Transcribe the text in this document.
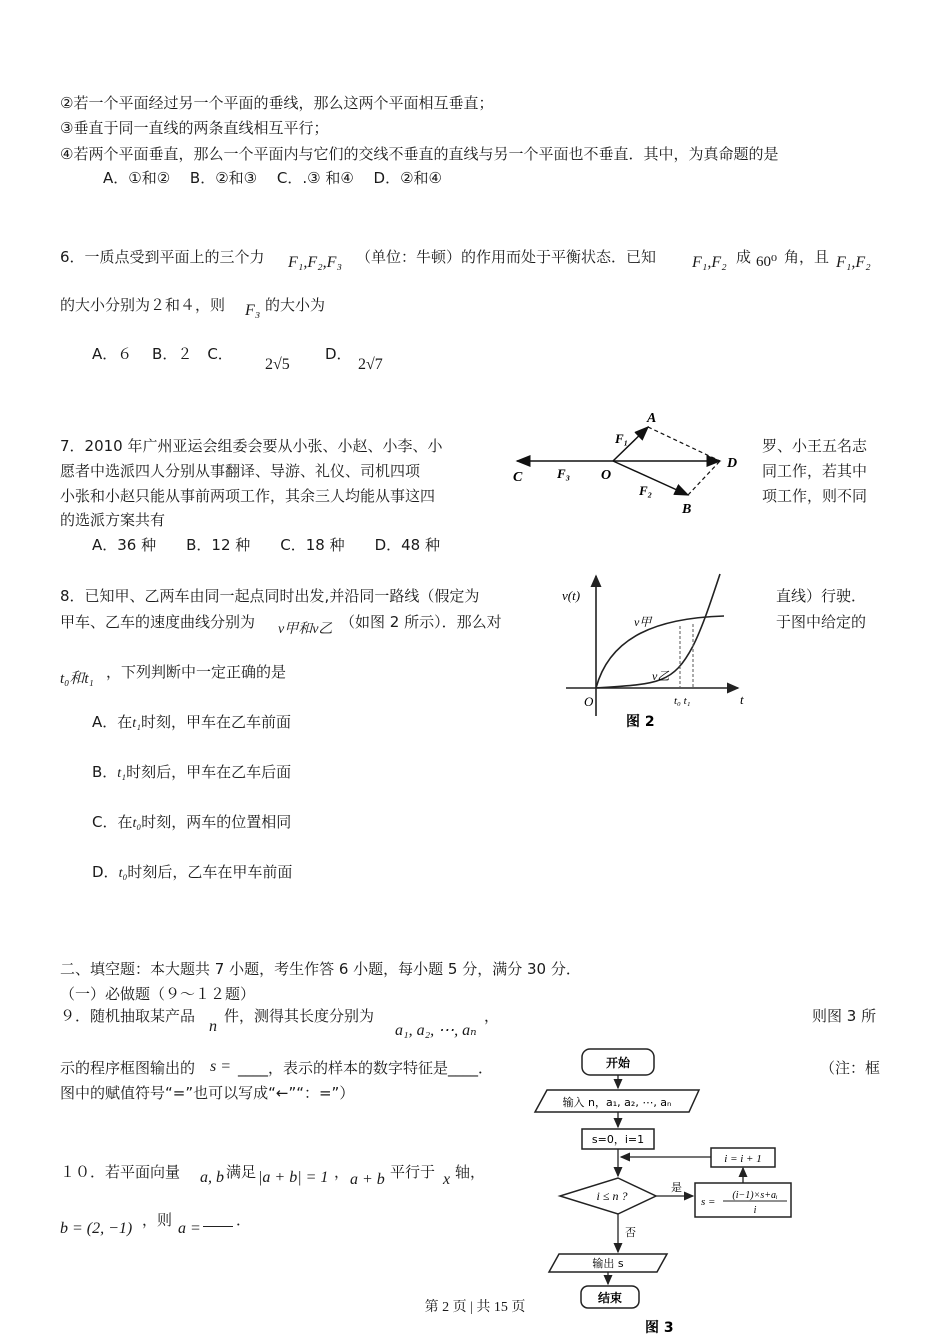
②若一个平面经过另一个平面的垂线，那么这两个平面相互垂直；
③垂直于同一直线的两条直线相互平行；
④若两个平面垂直，那么一个平面内与它们的交线不垂直的直线与另一个平面也不垂直．其中，为真命题的是
A．①和②　 B．②和③　 C．.③ 和④　 D．②和④
6．一质点受到平面上的三个力 F₁,F₂,F₃ （单位：牛顿）的作用而处于平衡状态．已知 F₁,F₂ 成 60⁰ 角，且 F₁,F₂
的大小分别为２和４，则 F₃ 的大小为
A．６　 B．２　C．
2√5
D．
2√7
7．2010 年广州亚运会组委会要从小张、小赵、小李、小	罗、小王五名志
愿者中选派四人分别从事翻译、导游、礼仪、司机四项	同工作，若其中
小张和小赵只能从事前两项工作，其余三人均能从事这四	项工作，则不同
的选派方案共有
A．36 种　　B．12 种　　C．18 种　　D．48 种
A
B
C
D
O
F₁
F₂
F₃
8．已知甲、乙两车由同一起点同时出发,并沿同一路线（假定为	直线）行驶．
甲车、乙车的速度曲线分别为 v甲和v乙 （如图 2 所示）．那么对	于图中给定的
t₀和t₁ ，下列判断中一定正确的是
A．在t₁时刻，甲车在乙车前面
B．t₁时刻后，甲车在乙车后面
C．在t₀时刻，两车的位置相同
D．t₀时刻后，乙车在甲车前面
v(t)
t
O
v甲
v乙
t₀ t₁
图 2
二、填空题：本大题共 7 小题，考生作答 6 小题，每小题 5 分，满分 30 分．
（一）必做题（９～１２题）
９．随机抽取某产品
n
件，测得其长度分别为
a₁, a₂, ⋯, aₙ
，	则图 3 所
示的程序框图输出的 s = ____，表示的样本的数字特征是____．	（注：框
图中的赋值符号“=”也可以写成“←”“：=”）
１０．若平面向量 a, b 满足 |a + b| = 1 ， a + b 平行于 x 轴，
b = (2, −1) ，则 a = ．
开始
输入 n，a₁, a₂, ⋯, aₙ
s=0，i=1
i ≤ n ?
是
s =
(i−1)×s+aᵢ
i
i = i + 1
否
输出 s
结束
图 3
第 2 页 | 共 15 页
